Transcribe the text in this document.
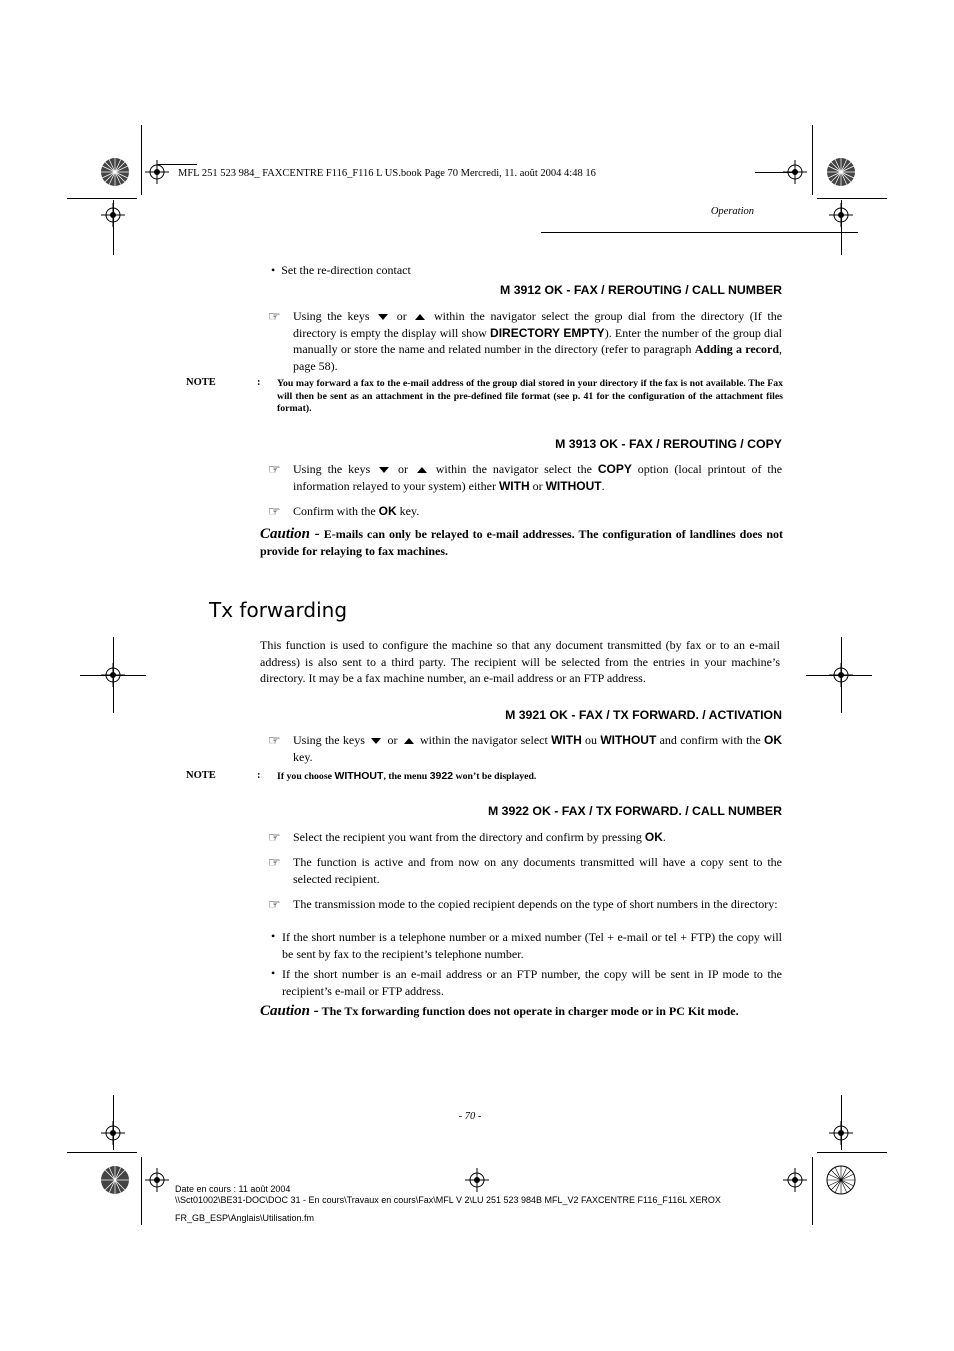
MFL 251 523 984_ FAXCENTRE F116_F116 L US.book Page 70 Mercredi, 11. août 2004 4:48 16
Operation
•  Set the re-direction contact
M 3912 OK - FAX / REROUTING / CALL NUMBER
☞ Using the keys or within the navigator select the group dial from the directory (If the directory is empty the display will show DIRECTORY EMPTY). Enter the number of the group dial manually or store the name and related number in the directory (refer to paragraph Adding a record, page 58).
NOTE	: You may forward a fax to the e-mail address of the group dial stored in your directory if the fax is not available. The Fax will then be sent as an attachment in the pre-defined file format (see p. 41 for the configuration of the attachment files format).
M 3913 OK - FAX / REROUTING / COPY
☞ Using the keys or within the navigator select the COPY option (local printout of the information relayed to your system) either WITH or WITHOUT.
☞ Confirm with the OK key.
Caution - E-mails can only be relayed to e-mail addresses. The configuration of landlines does not provide for relaying to fax machines.
Tx forwarding
This function is used to configure the machine so that any document transmitted (by fax or to an e-mail address) is also sent to a third party. The recipient will be selected from the entries in your machine’s directory. It may be a fax machine number, an e-mail address or an FTP address.
M 3921 OK - FAX / TX FORWARD. / ACTIVATION
☞ Using the keys or within the navigator select WITH ou WITHOUT and confirm with the OK key.
NOTE	: If you choose WITHOUT, the menu 3922 won’t be displayed.
M 3922 OK - FAX / TX FORWARD. / CALL NUMBER
☞ Select the recipient you want from the directory and confirm by pressing OK.
☞ The function is active and from now on any documents transmitted will have a copy sent to the selected recipient.
☞ The transmission mode to the copied recipient depends on the type of short numbers in the directory:
• If the short number is a telephone number or a mixed number (Tel + e-mail or tel + FTP) the copy will be sent by fax to the recipient’s telephone number.
• If the short number is an e-mail address or an FTP number, the copy will be sent in IP mode to the recipient’s e-mail or FTP address.
Caution - The Tx forwarding function does not operate in charger mode or in PC Kit mode.
- 70 -
Date en cours : 11 août 2004
\\Sct01002\BE31-DOC\DOC 31 - En cours\Travaux en cours\Fax\MFL V 2\LU 251 523 984B MFL_V2 FAXCENTRE F116_F116L XEROX
FR_GB_ESP\Anglais\Utilisation.fm
